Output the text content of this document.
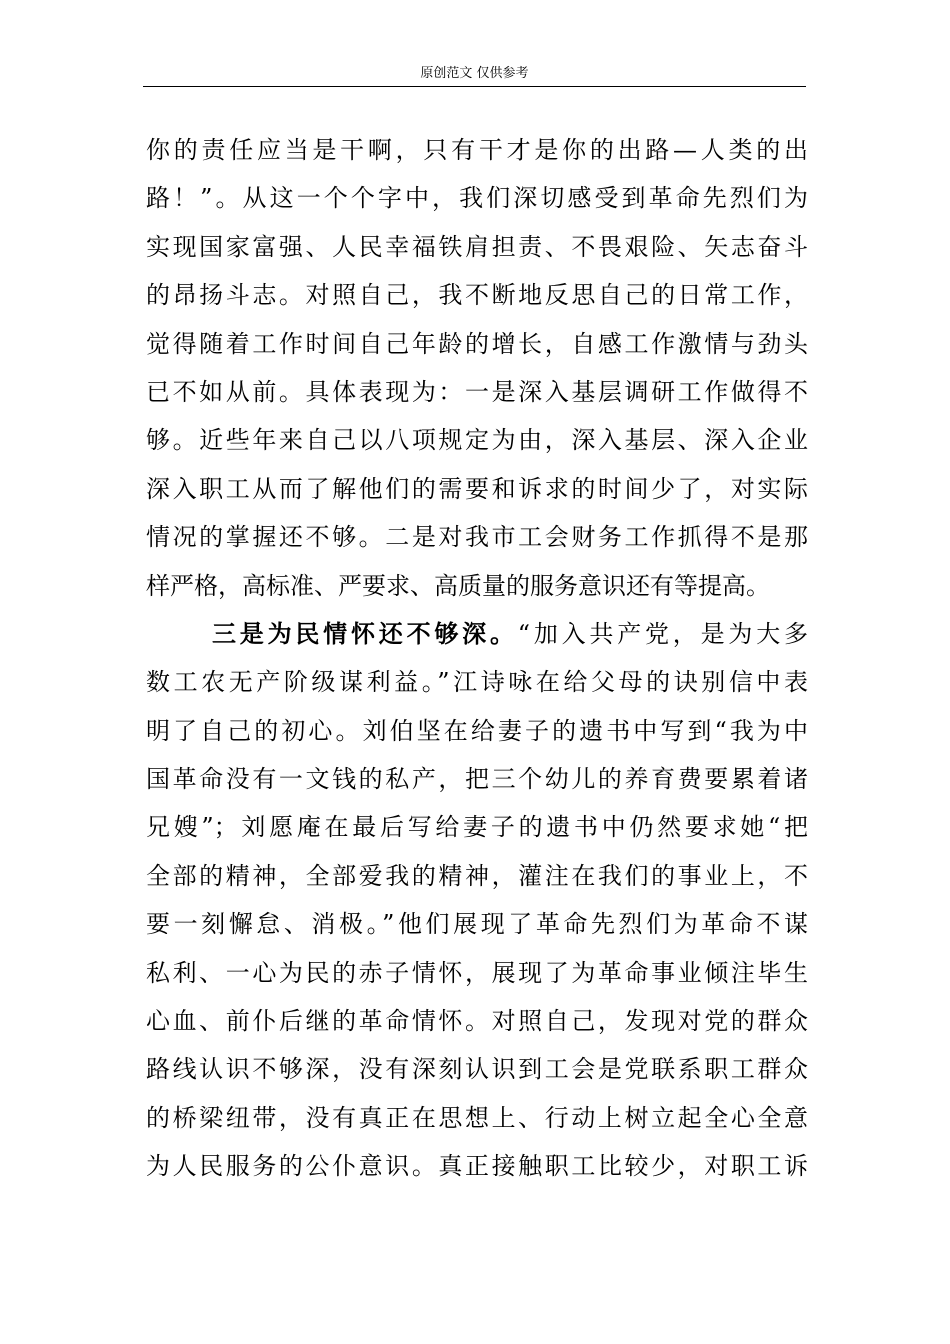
原创范文 仅供参考
你的责任应当是干啊，只有干才是你的出路—人类的出
路！”。从这一个个字中，我们深切感受到革命先烈们为
实现国家富强、人民幸福铁肩担责、不畏艰险、矢志奋斗
的昂扬斗志。对照自己，我不断地反思自己的日常工作，
觉得随着工作时间自己年龄的增长，自感工作激情与劲头
已不如从前。具体表现为：一是深入基层调研工作做得不
够。近些年来自己以八项规定为由，深入基层、深入企业
深入职工从而了解他们的需要和诉求的时间少了，对实际
情况的掌握还不够。二是对我市工会财务工作抓得不是那
样严格，高标准、严要求、高质量的服务意识还有等提高。
三是为民情怀还不够深。“加入共产党，是为大多
数工农无产阶级谋利益。”江诗咏在给父母的诀别信中表
明了自己的初心。刘伯坚在给妻子的遗书中写到“我为中
国革命没有一文钱的私产，把三个幼儿的养育费要累着诸
兄嫂”；刘愿庵在最后写给妻子的遗书中仍然要求她“把
全部的精神，全部爱我的精神，灌注在我们的事业上，不
要一刻懈怠、消极。”他们展现了革命先烈们为革命不谋
私利、一心为民的赤子情怀，展现了为革命事业倾注毕生
心血、前仆后继的革命情怀。对照自己，发现对党的群众
路线认识不够深，没有深刻认识到工会是党联系职工群众
的桥梁纽带，没有真正在思想上、行动上树立起全心全意
为人民服务的公仆意识。真正接触职工比较少，对职工诉
